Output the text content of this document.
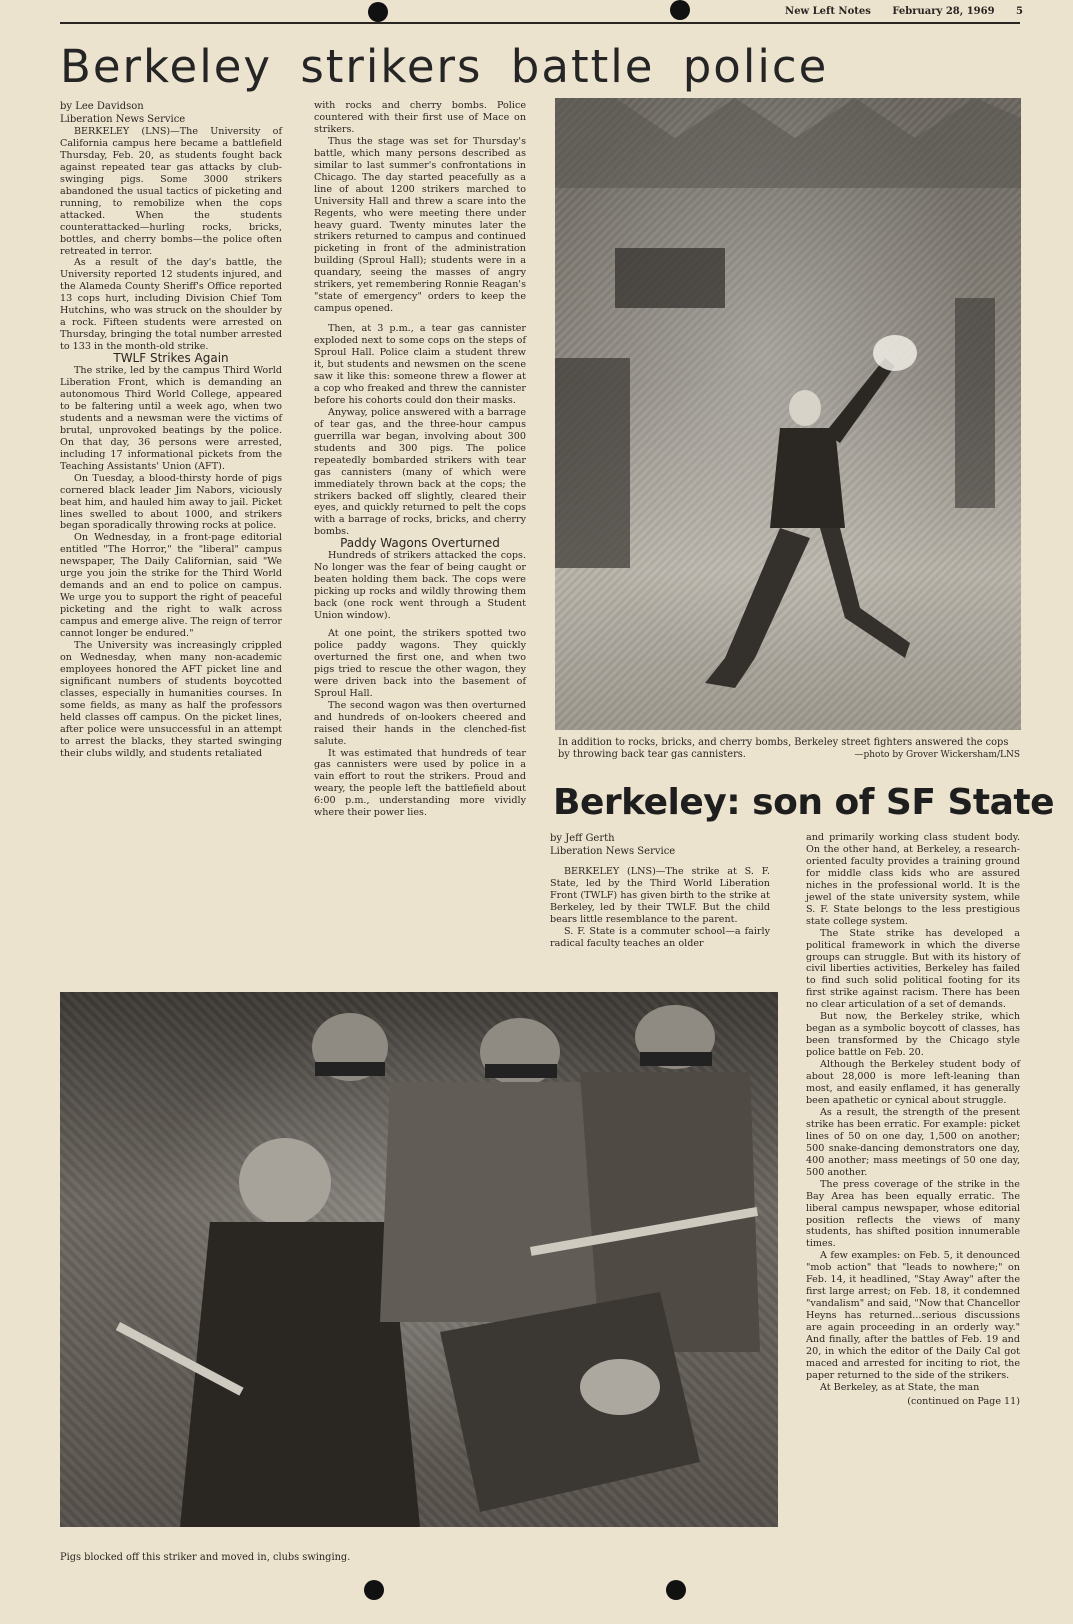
New Left Notes February 28, 1969 5
Berkeley strikers battle police

by Lee Davidson
Liberation News Service

BERKELEY (LNS)—The University of California campus here became a battlefield Thursday, Feb. 20, as students fought back against repeated tear gas attacks by club-swinging pigs. Some 3000 strikers abandoned the usual tactics of picketing and running, to remobilize when the cops attacked. When the students counterattacked—hurling rocks, bricks, bottles, and cherry bombs—the police often retreated in terror.

As a result of the day's battle, the University reported 12 students injured, and the Alameda County Sheriff's Office reported 13 cops hurt, including Division Chief Tom Hutchins, who was struck on the shoulder by a rock. Fifteen students were arrested on Thursday, bringing the total number arrested to 133 in the month-old strike.

TWLF Strikes Again

The strike, led by the campus Third World Liberation Front, which is demanding an autonomous Third World College, appeared to be faltering until a week ago, when two students and a newsman were the victims of brutal, unprovoked beatings by the police. On that day, 36 persons were arrested, including 17 informational pickets from the Teaching Assistants' Union (AFT).

On Tuesday, a blood-thirsty horde of pigs cornered black leader Jim Nabors, viciously beat him, and hauled him away to jail. Picket lines swelled to about 1000, and strikers began sporadically throwing rocks at police.

On Wednesday, in a front-page editorial entitled "The Horror," the "liberal" campus newspaper, The Daily Californian, said "We urge you join the strike for the Third World demands and an end to police on campus. We urge you to support the right of peaceful picketing and the right to walk across campus and emerge alive. The reign of terror cannot longer be endured."

The University was increasingly crippled on Wednesday, when many non-academic employees honored the AFT picket line and significant numbers of students boycotted classes, especially in humanities courses. In some fields, as many as half the professors held classes off campus. On the picket lines, after police were unsuccessful in an attempt to arrest the blacks, they started swinging their clubs wildly, and students retaliated

with rocks and cherry bombs. Police countered with their first use of Mace on strikers.

Thus the stage was set for Thursday's battle, which many persons described as similar to last summer's confrontations in Chicago. The day started peacefully as a line of about 1200 strikers marched to University Hall and threw a scare into the Regents, who were meeting there under heavy guard. Twenty minutes later the strikers returned to campus and continued picketing in front of the administration building (Sproul Hall); students were in a quandary, seeing the masses of angry strikers, yet remembering Ronnie Reagan's "state of emergency" orders to keep the campus opened.

Then, at 3 p.m., a tear gas cannister exploded next to some cops on the steps of Sproul Hall. Police claim a student threw it, but students and newsmen on the scene saw it like this: someone threw a flower at a cop who freaked and threw the cannister before his cohorts could don their masks.

Anyway, police answered with a barrage of tear gas, and the three-hour campus guerrilla war began, involving about 300 students and 300 pigs. The police repeatedly bombarded strikers with tear gas cannisters (many of which were immediately thrown back at the cops; the strikers backed off slightly, cleared their eyes, and quickly returned to pelt the cops with a barrage of rocks, bricks, and cherry bombs.

Paddy Wagons Overturned

Hundreds of strikers attacked the cops. No longer was the fear of being caught or beaten holding them back. The cops were picking up rocks and wildly throwing them back (one rock went through a Student Union window).

At one point, the strikers spotted two police paddy wagons. They quickly overturned the first one, and when two pigs tried to rescue the other wagon, they were driven back into the basement of Sproul Hall.

The second wagon was then overturned and hundreds of on-lookers cheered and raised their hands in the clenched-fist salute.

It was estimated that hundreds of tear gas cannisters were used by police in a vain effort to rout the strikers. Proud and weary, the people left the battlefield about 6:00 p.m., understanding more vividly where their power lies.

In addition to rocks, bricks, and cherry bombs, Berkeley street fighters answered the cops by throwing back tear gas cannisters.	—photo by Grover Wickersham/LNS
Berkeley: son of SF State

by Jeff Gerth
Liberation News Service

BERKELEY (LNS)—The strike at S. F. State, led by the Third World Liberation Front (TWLF) has given birth to the strike at Berkeley, led by their TWLF. But the child bears little resemblance to the parent.

S. F. State is a commuter school—a fairly radical faculty teaches an older

and primarily working class student body. On the other hand, at Berkeley, a research-oriented faculty provides a training ground for middle class kids who are assured niches in the professional world. It is the jewel of the state university system, while S. F. State belongs to the less prestigious state college system.

The State strike has developed a political framework in which the diverse groups can struggle. But with its history of civil liberties activities, Berkeley has failed to find such solid political footing for its first strike against racism. There has been no clear articulation of a set of demands.

But now, the Berkeley strike, which began as a symbolic boycott of classes, has been transformed by the Chicago style police battle on Feb. 20.

Although the Berkeley student body of about 28,000 is more left-leaning than most, and easily enflamed, it has generally been apathetic or cynical about struggle.

As a result, the strength of the present strike has been erratic. For example: picket lines of 50 on one day, 1,500 on another; 500 snake-dancing demonstrators one day, 400 another; mass meetings of 50 one day, 500 another.

The press coverage of the strike in the Bay Area has been equally erratic. The liberal campus newspaper, whose editorial position reflects the views of many students, has shifted position innumerable times.

A few examples: on Feb. 5, it denounced "mob action" that "leads to nowhere;" on Feb. 14, it headlined, "Stay Away" after the first large arrest; on Feb. 18, it condemned "vandalism" and said, "Now that Chancellor Heyns has returned...serious discussions are again proceeding in an orderly way." And finally, after the battles of Feb. 19 and 20, in which the editor of the Daily Cal got maced and arrested for inciting to riot, the paper returned to the side of the strikers.

At Berkeley, as at State, the man

(continued on Page 11)

Pigs blocked off this striker and moved in, clubs swinging.
